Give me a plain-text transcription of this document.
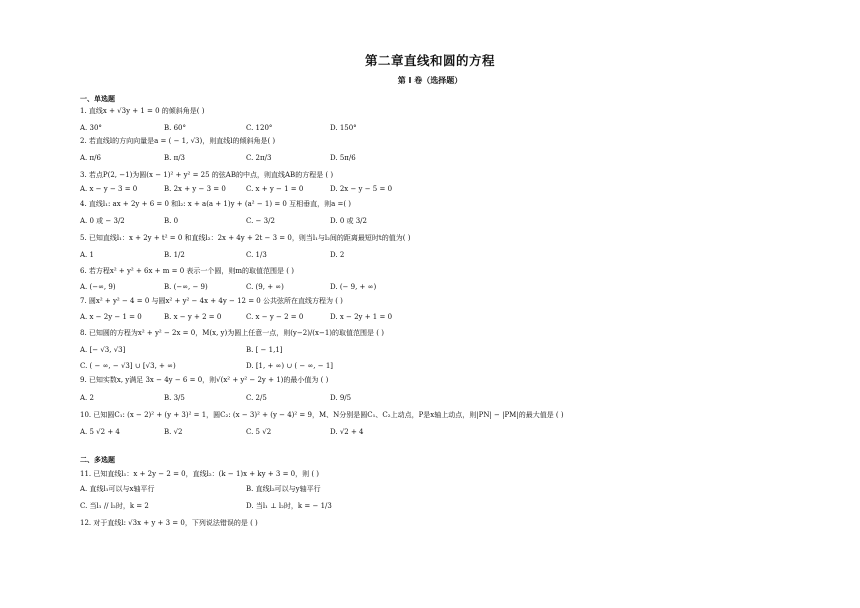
第二章直线和圆的方程
第 I 卷（选择题）
一、单选题
1. 直线x + √3y + 1 = 0 的倾斜角是( )
A. 30°	B. 60°	C. 120°	D. 150°
2. 若直线l的方向向量是a = ( − 1, √3)，则直线l的倾斜角是( )
A. π/6	B. π/3	C. 2π/3	D. 5π/6
3. 若点P(2, −1)为圆(x − 1)² + y² = 25 的弦AB的中点，则直线AB的方程是 ( )
A. x − y − 3 = 0	B. 2x + y − 3 = 0	C. x + y − 1 = 0	D. 2x − y − 5 = 0
4. 直线l₁: ax + 2y + 6 = 0 和l₂: x + a(a + 1)y + (a² − 1) = 0 互相垂直，则a =( )
A. 0 或 − 3/2	B. 0	C. − 3/2	D. 0 或 3/2
5. 已知直线l₁：x + 2y + t² = 0 和直线l₂：2x + 4y + 2t − 3 = 0，则当l₁与l₂间的距离最短时t的值为( )
A. 1	B. 1/2	C. 1/3	D. 2
6. 若方程x² + y² + 6x + m = 0 表示一个圆，则m的取值范围是 ( )
A. (−∞, 9)	B. (−∞, − 9)	C. (9, + ∞)	D. (− 9, + ∞)
7. 圆x² + y² − 4 = 0 与圆x² + y² − 4x + 4y − 12 = 0 公共弦所在直线方程为 ( )
A. x − 2y − 1 = 0	B. x − y + 2 = 0	C. x − y − 2 = 0	D. x − 2y + 1 = 0
8. 已知圆的方程为x² + y² − 2x = 0，M(x, y)为圆上任意一点，则(y−2)/(x−1)的取值范围是 ( )
A. [− √3, √3]	B. [ − 1,1]
C. ( − ∞, − √3] ∪ [√3, + ∞)	D. [1, + ∞) ∪ ( − ∞, − 1]
9. 已知实数x, y满足 3x − 4y − 6 = 0，则√(x² + y² − 2y + 1)的最小值为 ( )
A. 2	B. 3/5	C. 2/5	D. 9/5
10. 已知圆C₁: (x − 2)² + (y + 3)² = 1，圆C₂: (x − 3)² + (y − 4)² = 9，M、N分别是圆C₁、C₂上动点，P是x轴上动点，则|PN| − |PM|的最大值是 ( )
A. 5 √2 + 4	B. √2	C. 5 √2	D. √2 + 4
二、多选题
11. 已知直线l₁：x + 2y − 2 = 0，直线l₂：(k − 1)x + ky + 3 = 0，则 ( )
A. 直线l₁可以与x轴平行	B. 直线l₂可以与y轴平行
C. 当l₁ // l₂时，k = 2	D. 当l₁ ⊥ l₂时，k = − 1/3
12. 对于直线l: √3x + y + 3 = 0，下列说法错误的是 ( )
